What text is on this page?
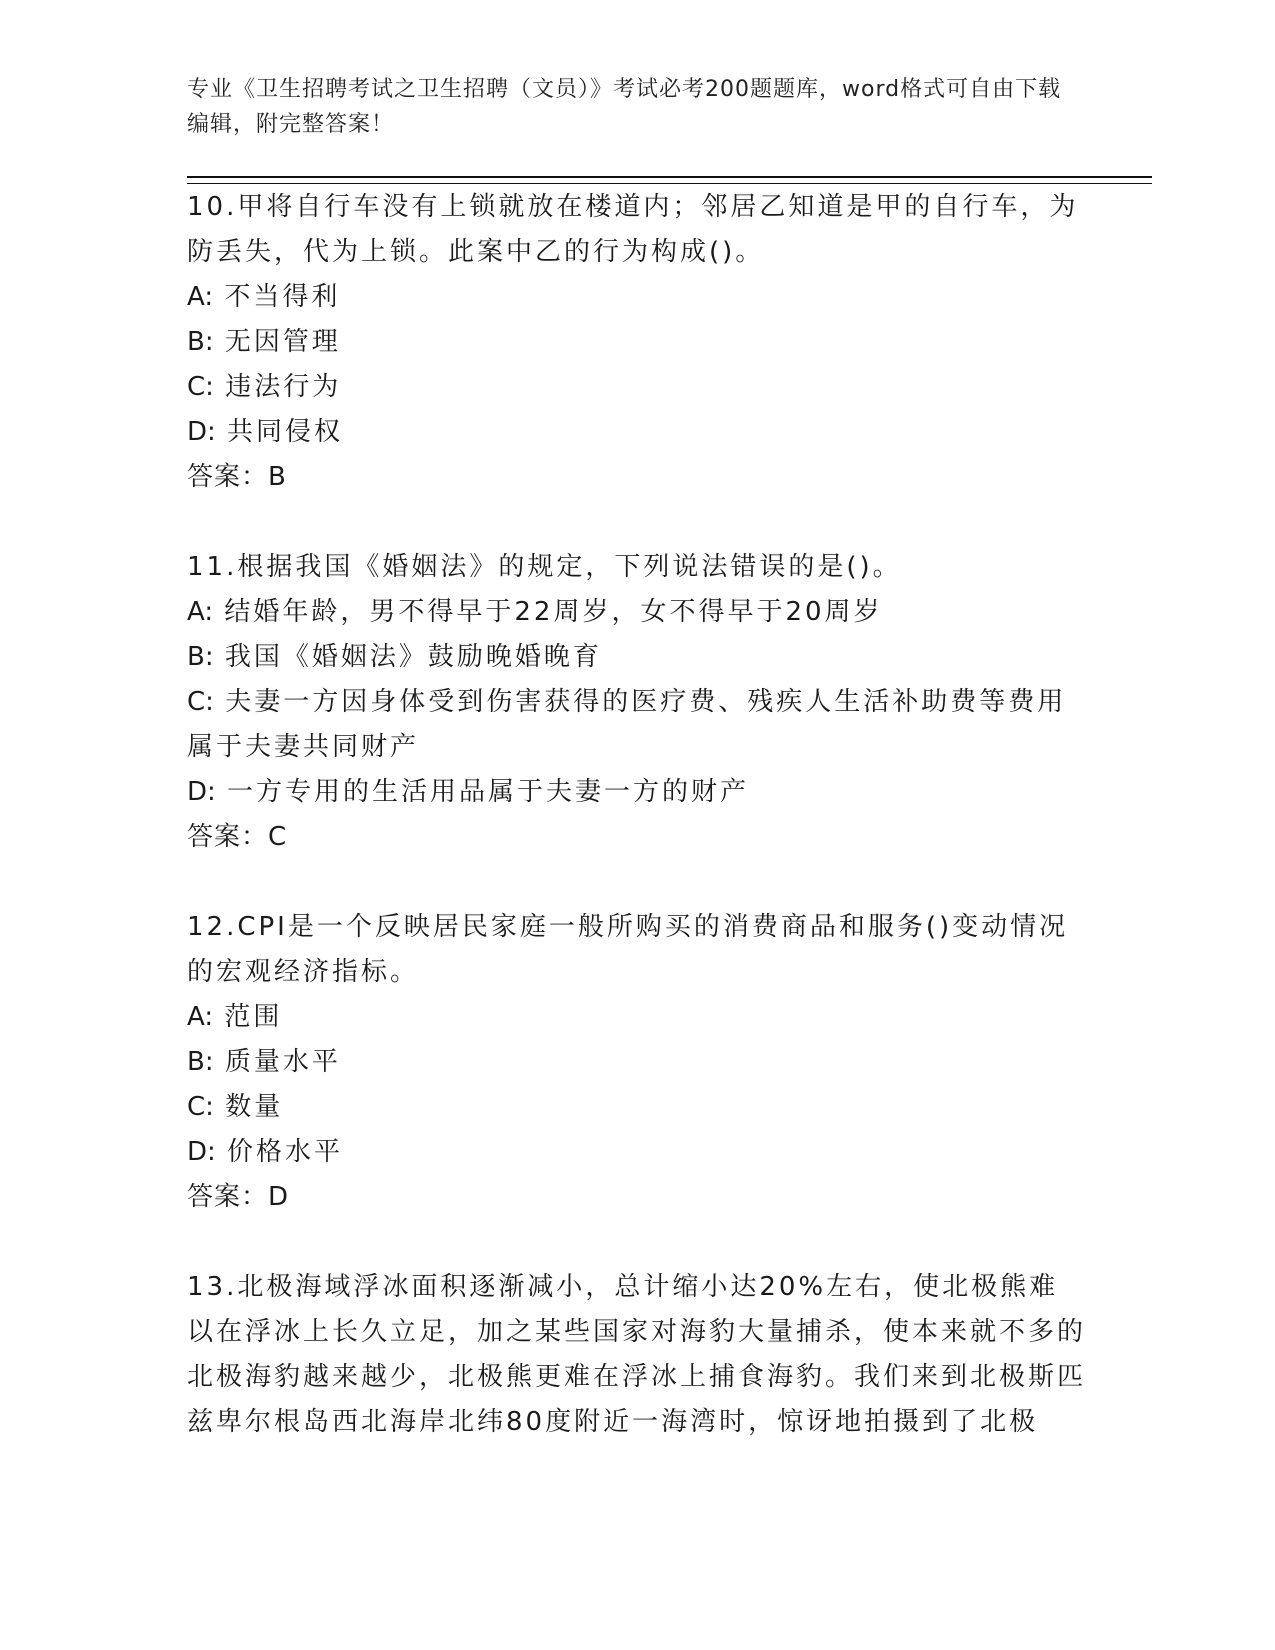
专业《卫生招聘考试之卫生招聘（文员）》考试必考200题题库，word格式可自由下载编辑，附完整答案！

10.甲将自行车没有上锁就放在楼道内；邻居乙知道是甲的自行车，为防丢失，代为上锁。此案中乙的行为构成()。

A: 不当得利

B: 无因管理

C: 违法行为

D: 共同侵权

答案：B

11.根据我国《婚姻法》的规定，下列说法错误的是()。

A: 结婚年龄，男不得早于22周岁，女不得早于20周岁

B: 我国《婚姻法》鼓励晚婚晚育

C: 夫妻一方因身体受到伤害获得的医疗费、残疾人生活补助费等费用属于夫妻共同财产

D: 一方专用的生活用品属于夫妻一方的财产

答案：C

12.CPI是一个反映居民家庭一般所购买的消费商品和服务()变动情况的宏观经济指标。

A: 范围

B: 质量水平

C: 数量

D: 价格水平

答案：D

13.北极海域浮冰面积逐渐减小，总计缩小达20%左右，使北极熊难以在浮冰上长久立足，加之某些国家对海豹大量捕杀，使本来就不多的北极海豹越来越少，北极熊更难在浮冰上捕食海豹。我们来到北极斯匹兹卑尔根岛西北海岸北纬80度附近一海湾时，惊讶地拍摄到了北极
